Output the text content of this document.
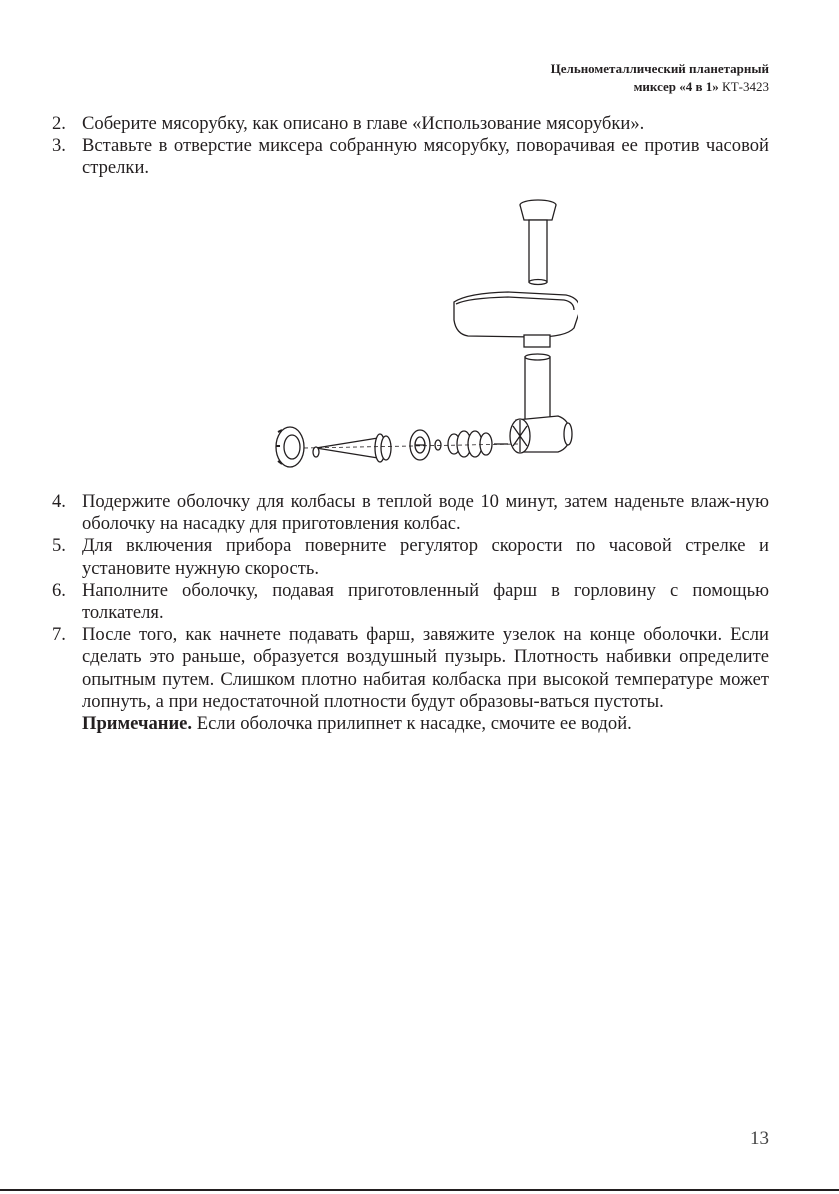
Цельнометаллический планетарный
миксер «4 в 1» КТ-3423
2. Соберите мясорубку, как описано в главе «Использование мясорубки».
3. Вставьте в отверстие миксера собранную мясорубку, поворачивая ее против часовой стрелки.
4. Подержите оболочку для колбасы в теплой воде 10 минут, затем наденьте влаж-ную оболочку на насадку для приготовления колбас.
5. Для включения прибора поверните регулятор скорости по часовой стрелке и установите нужную скорость.
6. Наполните оболочку, подавая приготовленный фарш в горловину с помощью толкателя.
7. После того, как начнете подавать фарш, завяжите узелок на конце оболочки. Если сделать это раньше, образуется воздушный пузырь. Плотность набивки определите опытным путем. Слишком плотно набитая колбаска при высокой температуре может лопнуть, а при недостаточной плотности будут образовы-ваться пустоты.
Примечание. Если оболочка прилипнет к насадке, смочите ее водой.
13
